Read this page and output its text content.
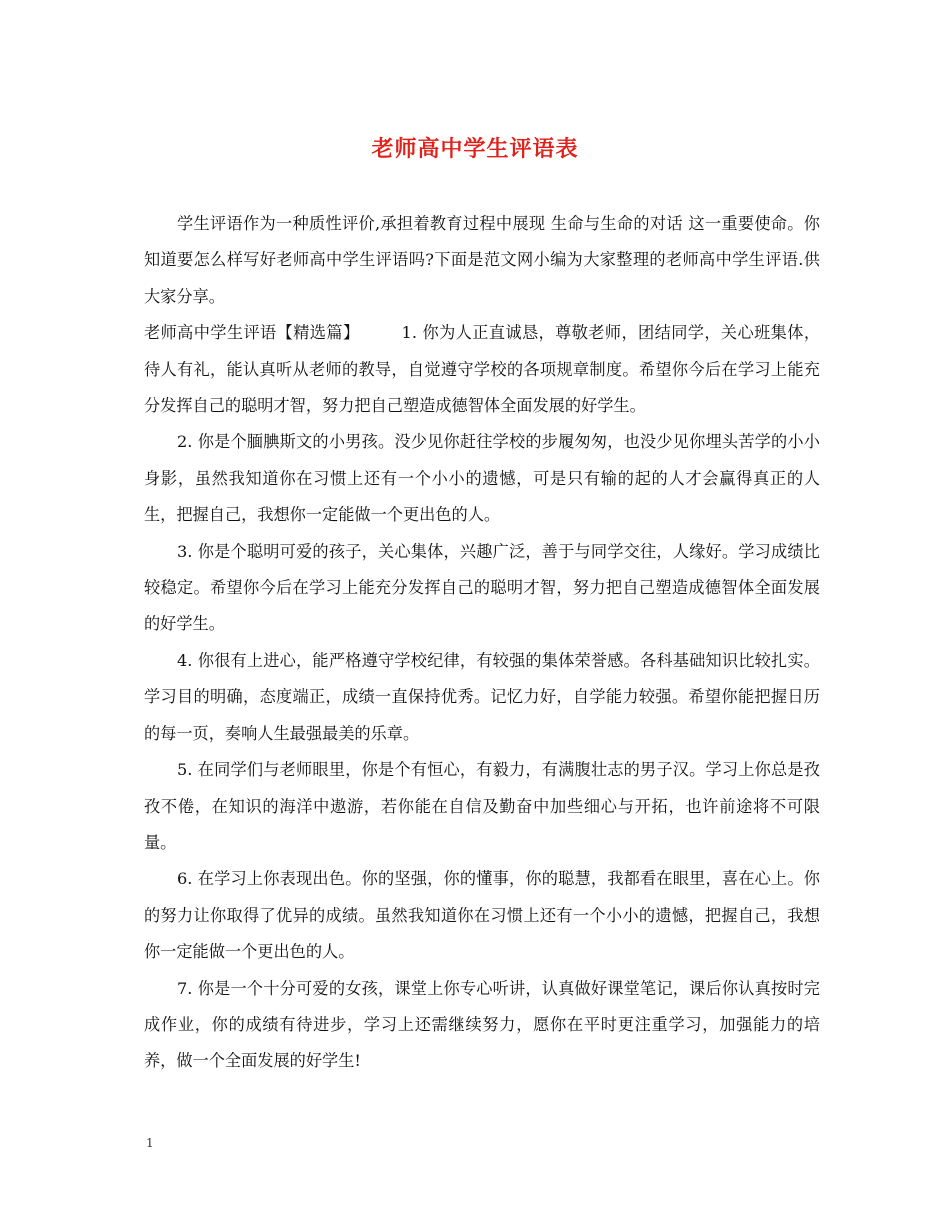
老师高中学生评语表

学生评语作为一种质性评价,承担着教育过程中展现 生命与生命的对话 这一重要使命。你知道要怎么样写好老师高中学生评语吗?下面是范文网小编为大家整理的老师高中学生评语.供大家分享。

老师高中学生评语【精选篇】	1. 你为人正直诚恳，尊敬老师，团结同学，关心班集体，待人有礼，能认真听从老师的教导，自觉遵守学校的各项规章制度。希望你今后在学习上能充分发挥自己的聪明才智，努力把自己塑造成德智体全面发展的好学生。

2. 你是个腼腆斯文的小男孩。没少见你赶往学校的步履匆匆，也没少见你埋头苦学的小小身影，虽然我知道你在习惯上还有一个小小的遗憾，可是只有输的起的人才会赢得真正的人生，把握自己，我想你一定能做一个更出色的人。

3. 你是个聪明可爱的孩子，关心集体，兴趣广泛，善于与同学交往，人缘好。学习成绩比较稳定。希望你今后在学习上能充分发挥自己的聪明才智，努力把自己塑造成德智体全面发展的好学生。

4. 你很有上进心，能严格遵守学校纪律，有较强的集体荣誉感。各科基础知识比较扎实。学习目的明确，态度端正，成绩一直保持优秀。记忆力好，自学能力较强。希望你能把握日历的每一页，奏响人生最强最美的乐章。

5. 在同学们与老师眼里，你是个有恒心，有毅力，有满腹壮志的男子汉。学习上你总是孜孜不倦，在知识的海洋中遨游，若你能在自信及勤奋中加些细心与开拓，也许前途将不可限量。

6. 在学习上你表现出色。你的坚强，你的懂事，你的聪慧，我都看在眼里，喜在心上。你的努力让你取得了优异的成绩。虽然我知道你在习惯上还有一个小小的遗憾，把握自己，我想你一定能做一个更出色的人。

7. 你是一个十分可爱的女孩，课堂上你专心听讲，认真做好课堂笔记，课后你认真按时完成作业，你的成绩有待进步，学习上还需继续努力，愿你在平时更注重学习，加强能力的培养，做一个全面发展的好学生!

1
